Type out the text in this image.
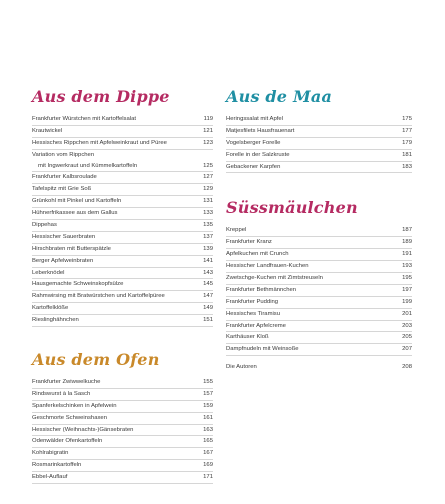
Aus dem Dippe
Frankfurter Würstchen mit Kartoffelsalat	119
Krautwickel	121
Hessisches Rippchen mit Apfelweinkraut und Püree	123
Variation vom Rippchen
mit Ingwerkraut und Kümmelkartoffeln	125
Frankfurter Kalbsroulade	127
Tafelspitz mit Grie Soß	129
Grünkohl mit Pinkel und Kartoffeln	131
Hühnerfrikassee aus dem Gallus	133
Dippehas	135
Hessischer Sauerbraten	137
Hirschbraten mit Butterspätzle	139
Berger Apfelweinbraten	141
Leberknödel	143
Hausgemachte Schweinskopfsülze	145
Rahmwirsing mit Bratwürstchen und Kartoffelpüree	147
Kartoffelklöße	149
Rieslinghähnchen	151
Aus dem Ofen
Frankfurter Zwiwwelkuche	155
Rindswurst à la Sasch	157
Spanferkelschinken in Apfelwein	159
Geschmorte Schweinshaxen	161
Hessischer (Weihnachts-)Gänsebraten	163
Odenwälder Ofenkartoffeln	165
Kohlrabigratin	167
Rosmarinkartoffeln	169
Ebbel-Auflauf	171
Aus de Maa
Heringssalat mit Apfel	175
Matjesfilets Hausfrauenart	177
Vogelsberger Forelle	179
Forelle in der Salzkruste	181
Gebackener Karpfen	183
Süssmäulchen
Kreppel	187
Frankfurter Kranz	189
Apfelkuchen mit Crunch	191
Hessischer Landfrauen-Kuchen	193
Zwetschge-Kuchen mit Zimtstreuseln	195
Frankfurter Bethmännchen	197
Frankfurter Pudding	199
Hessisches Tiramisu	201
Frankfurter Apfelcreme	203
Karthäuser Kloß	205
Dampfnudeln mit Weinsoße	207
Die Autoren	208
